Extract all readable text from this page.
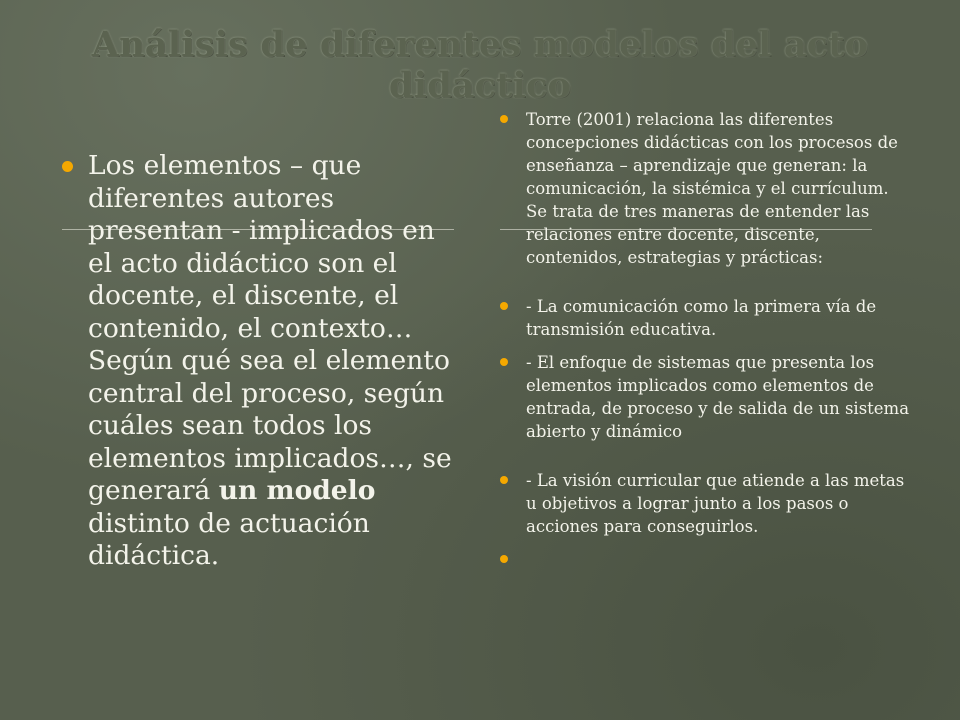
Análisis de diferentes modelos del acto didáctico
Los elementos – que diferentes autores presentan - implicados en el acto didáctico son el docente, el discente, el contenido, el contexto… Según qué sea el elemento central del proceso, según cuáles sean todos los elementos implicados…, se generará un modelo distinto de actuación didáctica.
Torre (2001) relaciona las diferentes concepciones didácticas con los procesos de enseñanza – aprendizaje que generan: la comunicación, la sistémica y el currículum. Se trata de tres maneras de entender las relaciones entre docente, discente, contenidos, estrategias y prácticas:
- La comunicación como la primera vía de transmisión educativa.
- El enfoque de sistemas que presenta los elementos implicados como elementos de entrada, de proceso y de salida de un sistema abierto y dinámico
- La visión curricular que atiende a las metas u objetivos a lograr junto a los pasos o acciones para conseguirlos.
